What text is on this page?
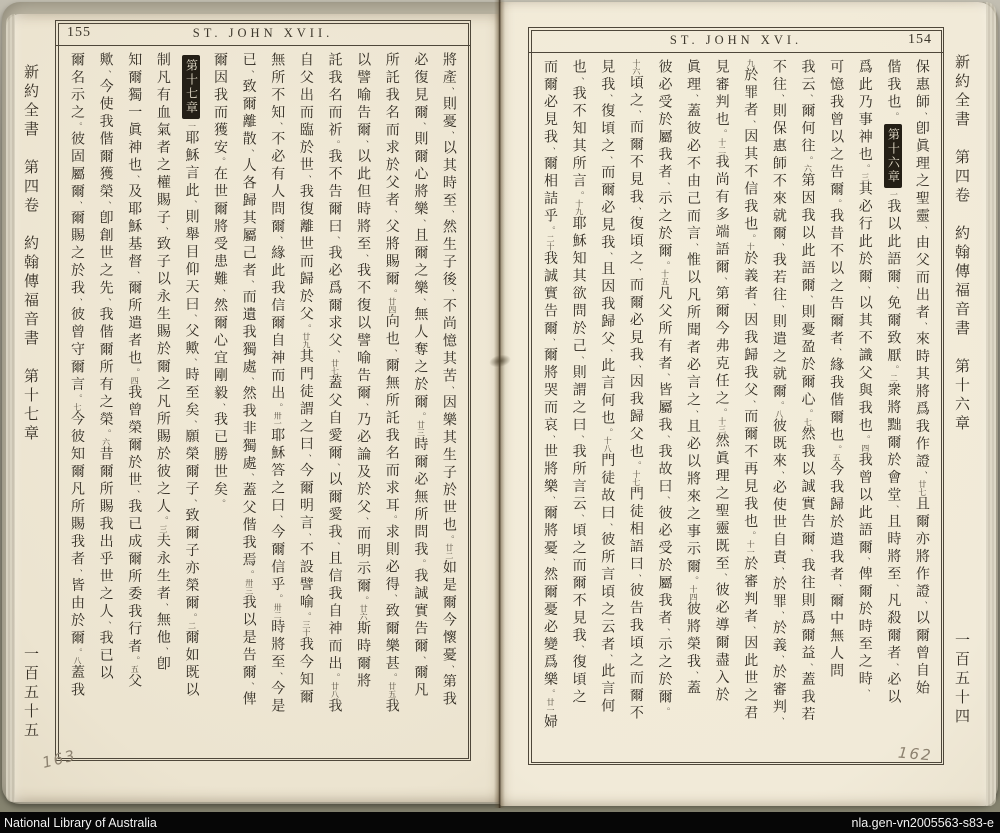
新約全書　第四卷　約翰傳福音書　第十七章
一百五十五
155	ST. JOHN XVII.
將產、則憂、以其時至、然生子後、不尚憶其苦、因樂其生子於世也。廿二如是爾今懷憂、第我
必復見爾、則爾心將樂、且爾之樂、無人奪之於爾。廿三時爾必無所問我。我誠實告爾、爾凡
所託我名而求於父者、父將賜爾。廿四向也、爾無所託我名而求耳。求則必得、致爾樂甚。廿五我
以譬喻告爾、以此但時將至、我不復以譬喻告爾、乃必論及於父、而明示爾。廿六斯時爾將
託我名而祈。我不告爾曰、我必爲爾求父、廿七蓋父自愛爾、以爾愛我、且信我自神而出。廿八我
自父出而臨於世、我復離世而歸於父。廿九其門徒謂之曰、今爾明言、不設譬喻。三十我今知爾
無所不知、不必有人問爾、緣此我信爾自神而出。卅一耶穌答之曰、今爾信乎。卅二時將至、今是
已、致爾離散、人各歸其屬己者、而遺我獨處、然我非獨處、蓋父偕我焉。卅三我以是告爾、俾
爾因我而獲安。在世爾將受患難、然爾心宜剛毅、我已勝世矣。
第十七章一耶穌言此、則舉目仰天曰、父歟、時至矣、願榮爾子、致爾子亦榮爾。二爾如既以
制凡有血氣者之權賜子、致子以永生賜於爾之凡所賜於彼之人。三夫永生者、無他、卽
知爾獨一眞神也、及耶穌基督、爾所遣者也。四我曾榮爾於世、我已成爾所委我行者。五父
歟、今使我偕爾獲榮、卽創世之先、我偕爾所有之榮。六昔爾所賜我出乎世之人、我已以
爾名示之。彼固屬爾、爾賜之於我、彼曾守爾言。七今彼知爾凡所賜我者、皆由於爾。八蓋我
新約全書　第四卷　約翰傳福音書　第十六章
一百五十四
ST. JOHN XVI.	154
保惠師、卽眞理之聖靈、由父而出者、來時其將爲我作證、廿七且爾亦將作證、以爾曾自始
偕我也。第十六章一我以此語爾、免爾致厭。二衆將黜爾於會堂、且時將至、凡殺爾者、必以
爲此乃事神也。三其必行此於爾、以其不識父與我也。四我曾以此語爾、俾爾於時至之時、
可憶我曾以之告爾。我昔不以之告爾者、緣我偕爾也。五今我歸於遣我者、爾中無人問
我云、爾何往。六第因我以此語爾、則憂盈於爾心。七然我以誠實告爾、我往則爲爾益、蓋我若
不往、則保惠師不來就爾、我若往、則遣之就爾。八彼既來、必使世自責、於罪、於義、於審判、
九於罪者、因其不信我也。十於義者、因我歸我父、而爾不再見我也。十一於審判者、因此世之君
見審判也。十二我尚有多端語爾、第爾今弗克任之。十三然眞理之聖靈既至、彼必導爾盡入於
眞理、蓋彼必不由己而言、惟以凡所聞者必言之、且必以將來之事示爾。十四彼將榮我、蓋
彼必受於屬我者、示之於爾。十五凡父所有者、皆屬我、我故曰、彼必受於屬我者、示之於爾。
十六頃之、而爾不見我、復頃之、而爾必見我、因我歸父也。十七門徒相語曰、彼告我頃之而爾不
見我、復頃之、而爾必見我、且因我歸父、此言何也。十八門徒故曰、彼所言頃之云者、此言何
也、我不知其所言。十九耶穌知其欲問於己、則謂之曰、我所言云、頃之而爾不見我、復頃之
而爾必見我、爾相詰乎。二十我誠實告爾、爾將哭而哀、世將樂、爾將憂、然爾憂必變爲樂。廿一婦
163	162
National Library of Australia	nla.gen-vn2005563-s83-e
